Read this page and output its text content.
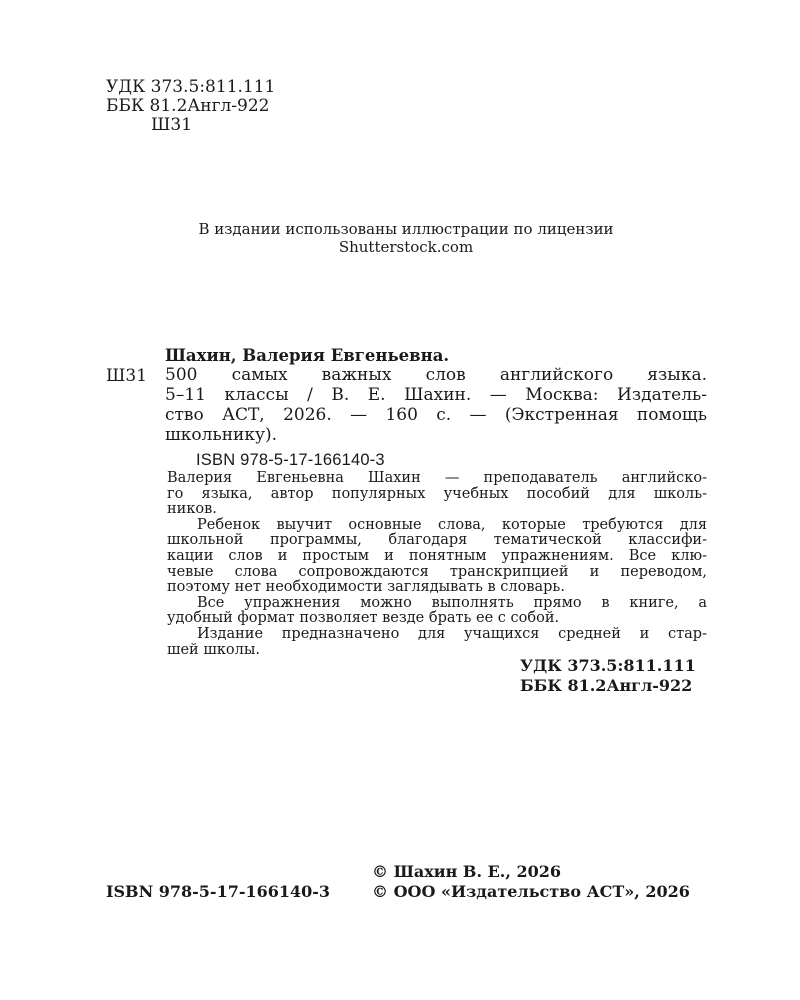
УДК 373.5:811.111
ББК 81.2Англ-922
Ш31
В издании использованы иллюстрации по лицензии
Shutterstock.com
Шахин, Валерия Евгеньевна.
Ш31 500 самых важных слов английского языка.
5–11 классы / В. Е. Шахин. — Москва: Издатель-
ство АСТ, 2026. — 160 с. — (Экстренная помощь
школьнику).
ISBN 978-5-17-166140-3
Валерия Евгеньевна Шахин — преподаватель английско-
го языка, автор популярных учебных пособий для школь-
ников.
Ребенок выучит основные слова, которые требуются для
школьной программы, благодаря тематической классифи-
кации слов и простым и понятным упражнениям. Все клю-
чевые слова сопровождаются транскрипцией и переводом,
поэтому нет необходимости заглядывать в словарь.
Все упражнения можно выполнять прямо в книге, а
удобный формат позволяет везде брать ее с собой.
Издание предназначено для учащихся средней и стар-
шей школы.
УДК 373.5:811.111
ББК 81.2Англ-922
© Шахин В. Е., 2026
© ООО «Издательство АСТ», 2026
ISBN 978-5-17-166140-3
